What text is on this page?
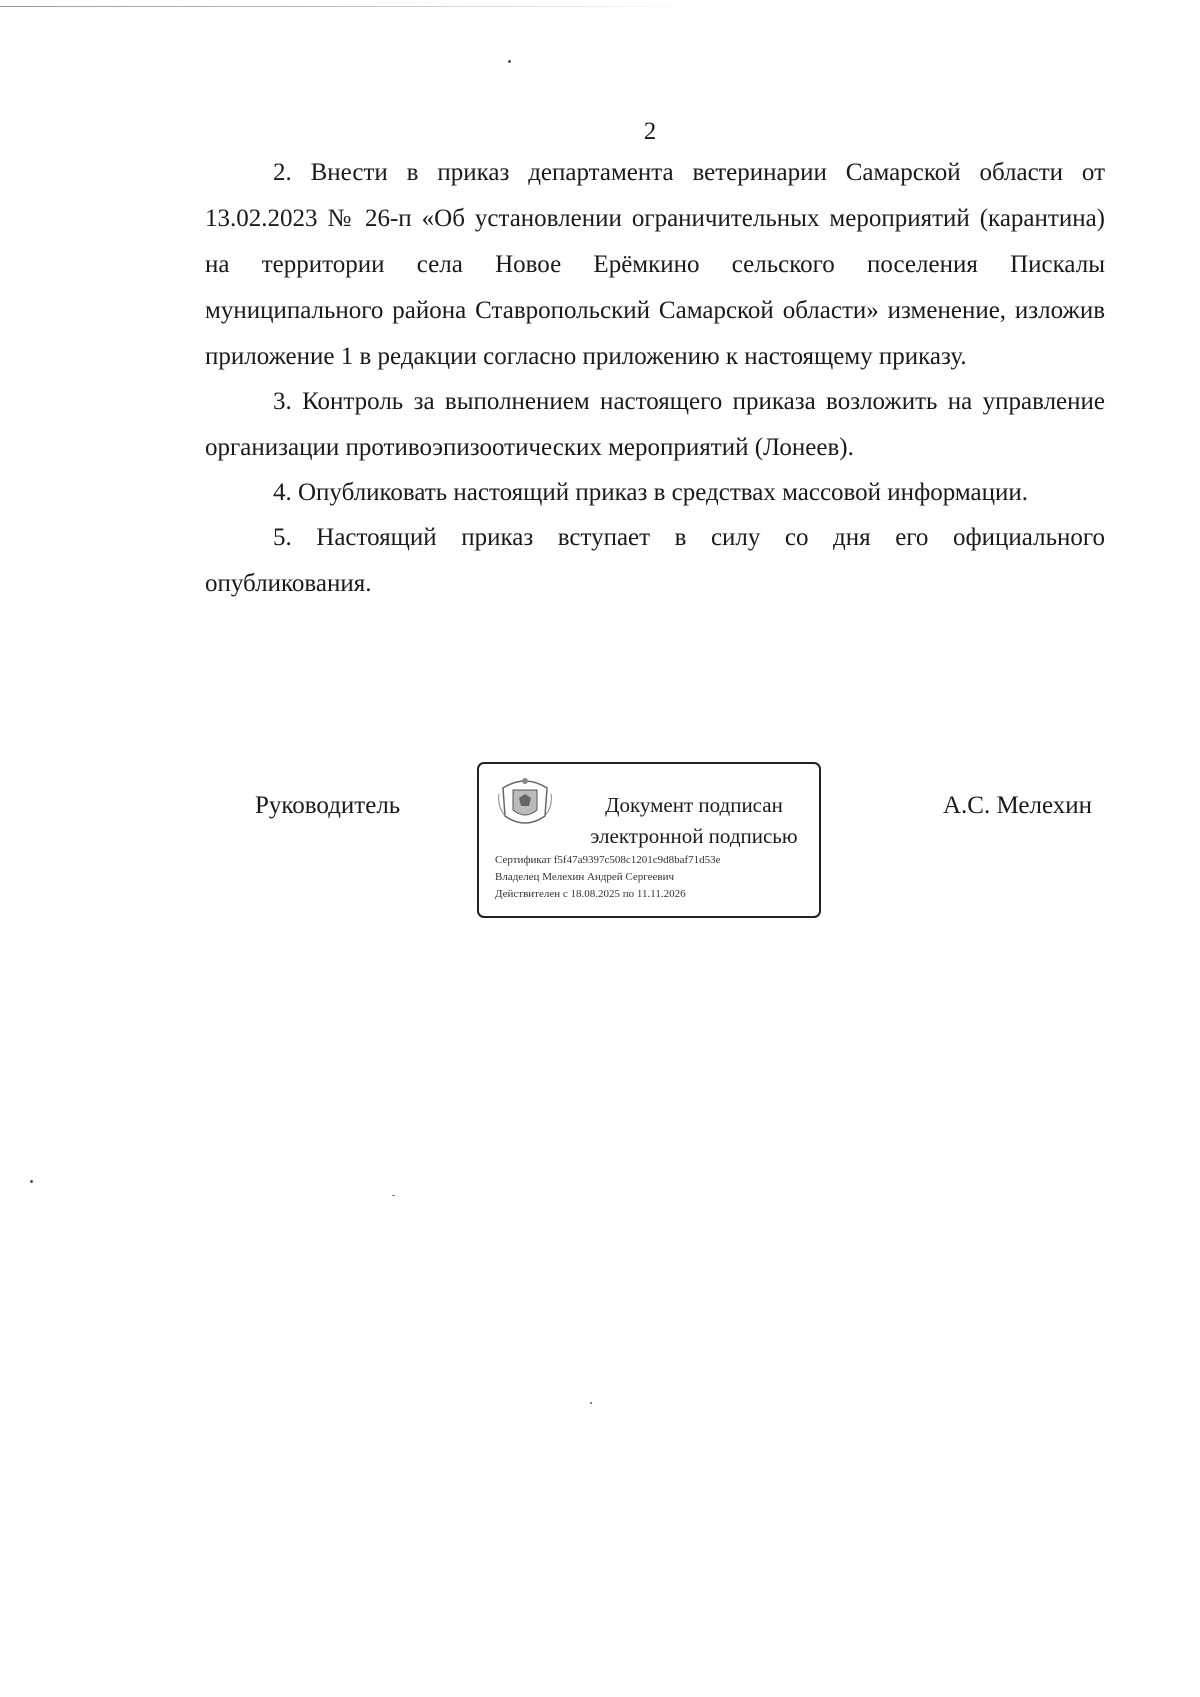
2

2. Внести в приказ департамента ветеринарии Самарской области от 13.02.2023 № 26-п «Об установлении ограничительных мероприятий (карантина) на территории села Новое Ерёмкино сельского поселения Пискалы муниципального района Ставропольский Самарской области» изменение, изложив приложение 1 в редакции согласно приложению к настоящему приказу.

3. Контроль за выполнением настоящего приказа возложить на управление организации противоэпизоотических мероприятий (Лонеев).

4. Опубликовать настоящий приказ в средствах массовой информации.

5. Настоящий приказ вступает в силу со дня его официального опубликования.

Руководитель	Документ подписан
электронной подписью
Сертификат f5f47a9397c508c1201c9d8baf71d53e
Владелец Мелехин Андрей Сергеевич
Действителен с 18.08.2025 по 11.11.2026
А.С. Мелехин
